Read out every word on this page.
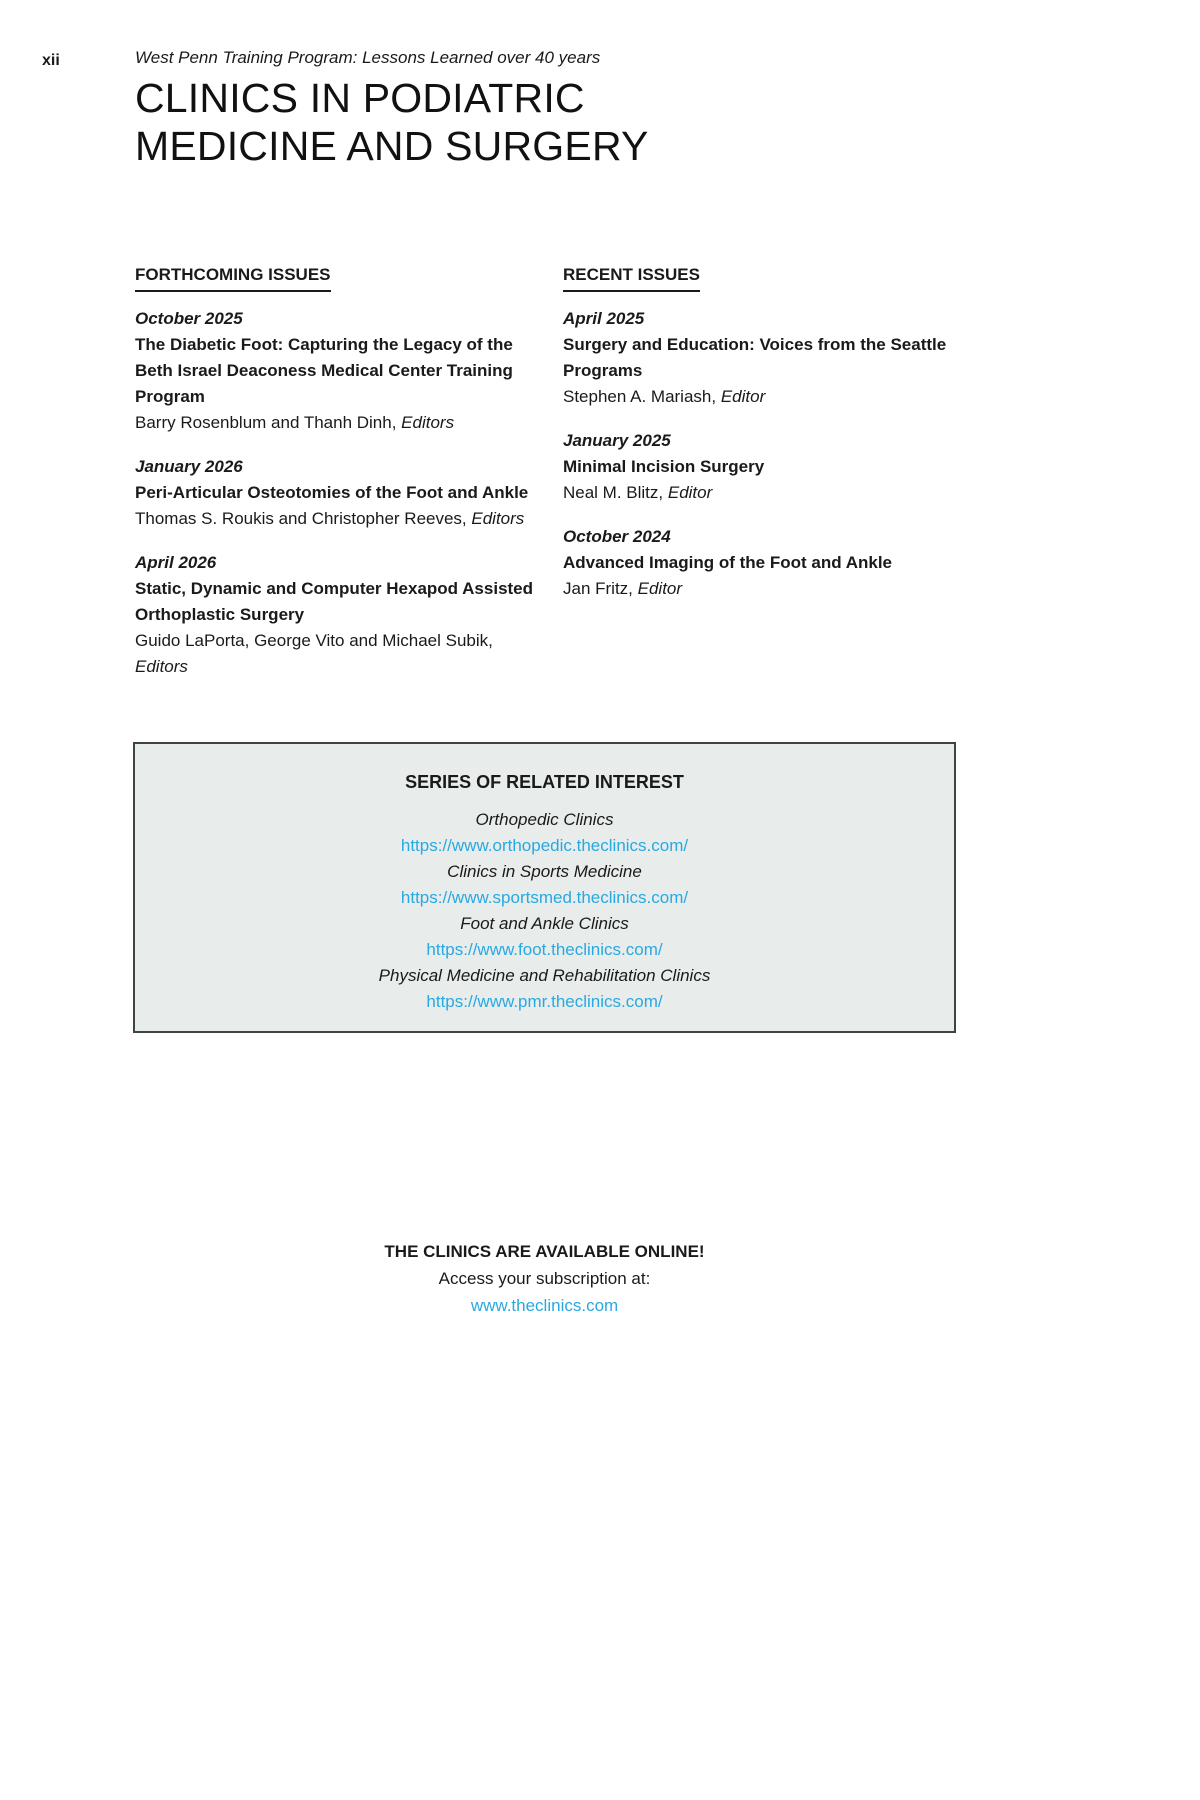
xii	West Penn Training Program: Lessons Learned over 40 years
CLINICS IN PODIATRIC
MEDICINE AND SURGERY
FORTHCOMING ISSUES
October 2025
The Diabetic Foot: Capturing the Legacy of the Beth Israel Deaconess Medical Center Training Program
Barry Rosenblum and Thanh Dinh, Editors
January 2026
Peri-Articular Osteotomies of the Foot and Ankle
Thomas S. Roukis and Christopher Reeves, Editors
April 2026
Static, Dynamic and Computer Hexapod Assisted Orthoplastic Surgery
Guido LaPorta, George Vito and Michael Subik, Editors
RECENT ISSUES
April 2025
Surgery and Education: Voices from the Seattle Programs
Stephen A. Mariash, Editor
January 2025
Minimal Incision Surgery
Neal M. Blitz, Editor
October 2024
Advanced Imaging of the Foot and Ankle
Jan Fritz, Editor
SERIES OF RELATED INTEREST
Orthopedic Clinics
https://www.orthopedic.theclinics.com/
Clinics in Sports Medicine
https://www.sportsmed.theclinics.com/
Foot and Ankle Clinics
https://www.foot.theclinics.com/
Physical Medicine and Rehabilitation Clinics
https://www.pmr.theclinics.com/
THE CLINICS ARE AVAILABLE ONLINE!
Access your subscription at:
www.theclinics.com
